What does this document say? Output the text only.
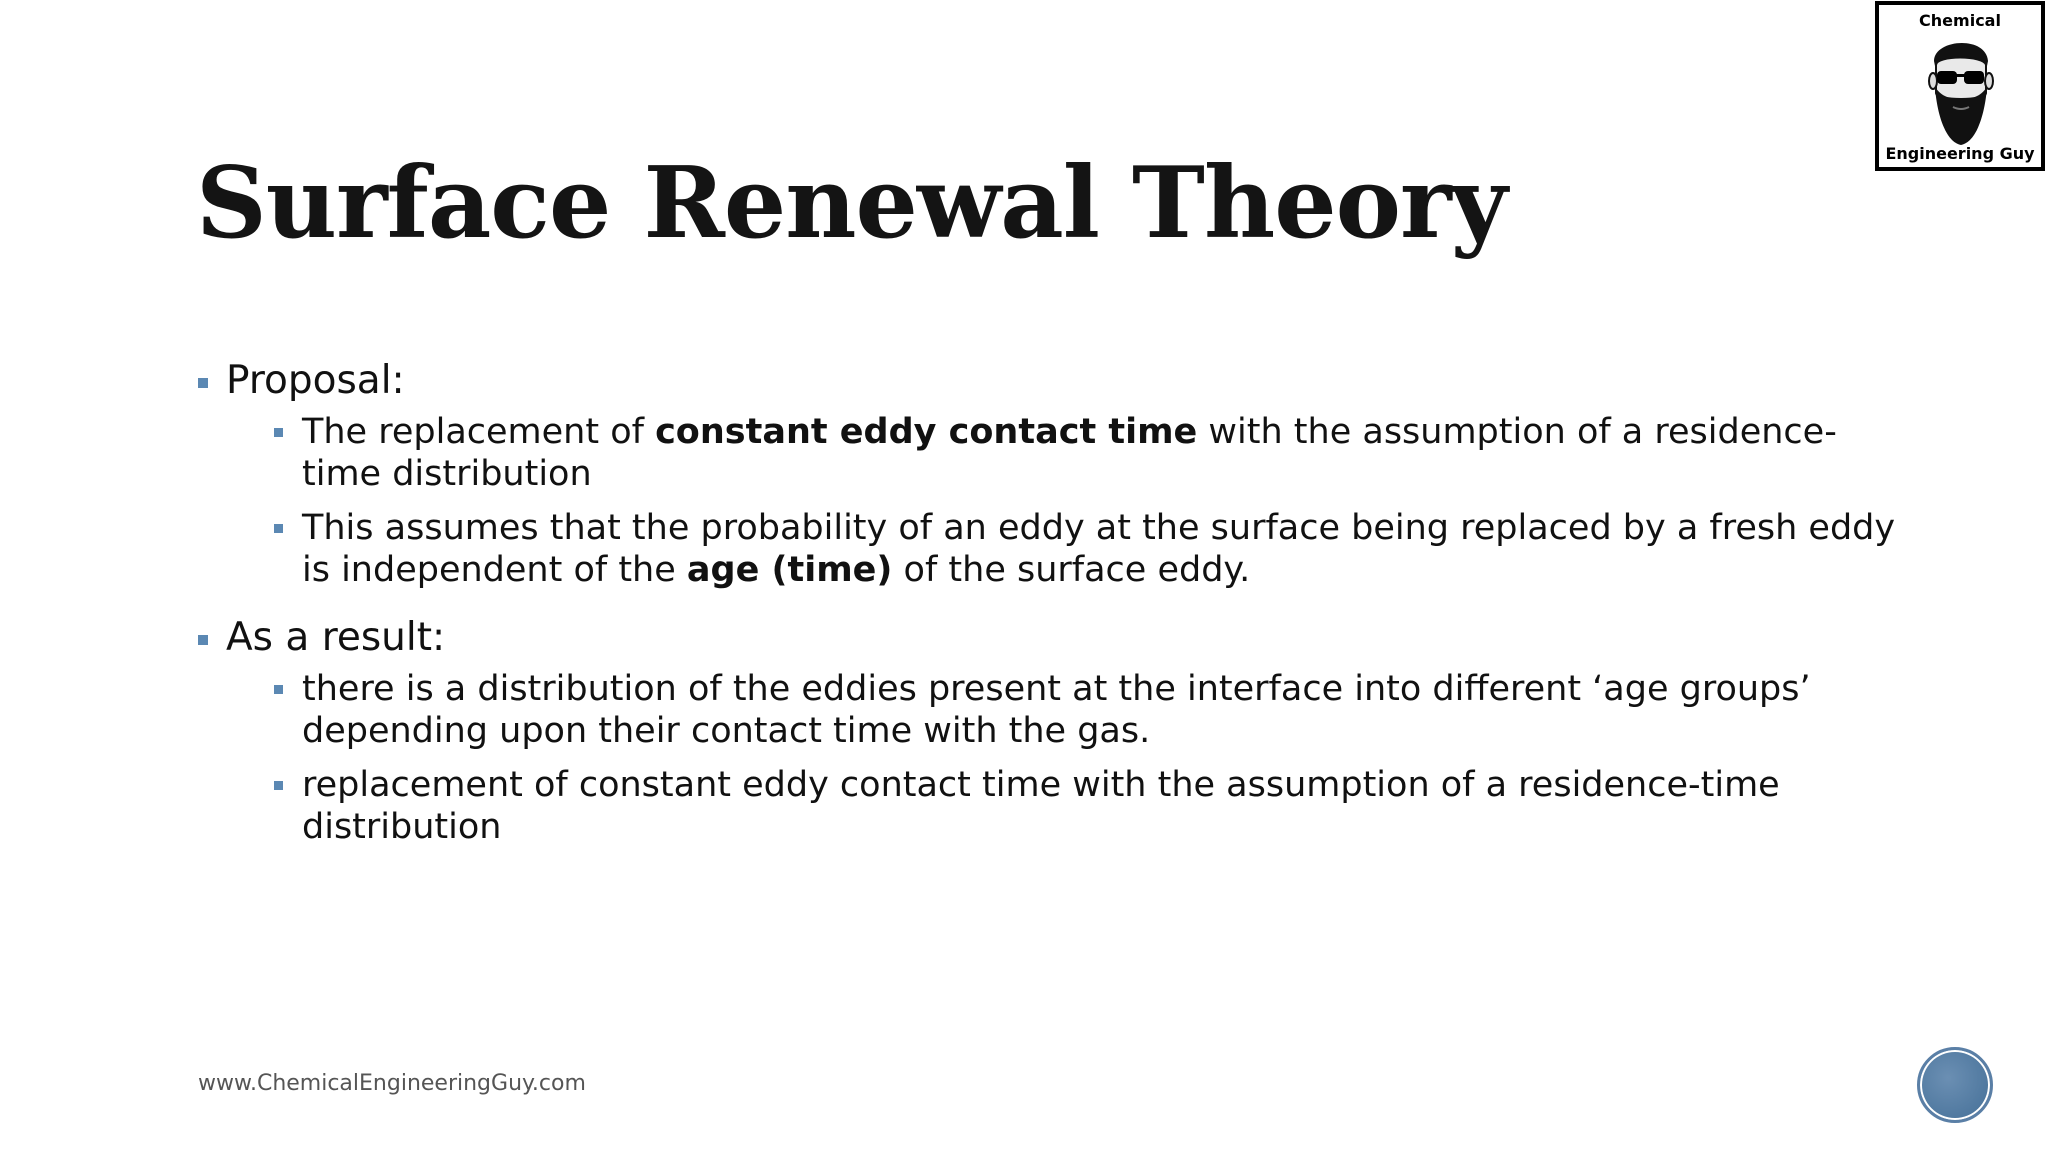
Chemical
Engineering Guy
Surface Renewal Theory
Proposal:
The replacement of constant eddy contact time with the assumption of a residence-time distribution
This assumes that the probability of an eddy at the surface being replaced by a fresh eddy is independent of the age (time) of the surface eddy.
As a result:
there is a distribution of the eddies present at the interface into different ‘age groups’ depending upon their contact time with the gas.
replacement of constant eddy contact time with the assumption of a residence-time distribution
www.ChemicalEngineeringGuy.com
